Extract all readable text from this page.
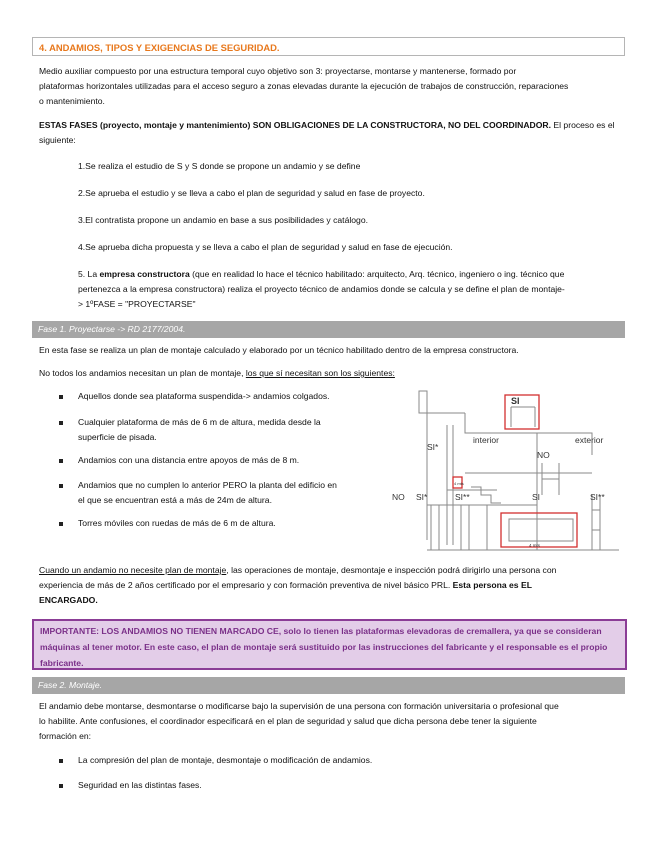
4. ANDAMIOS, TIPOS Y EXIGENCIAS DE SEGURIDAD.
Medio auxiliar compuesto por una estructura temporal cuyo objetivo son 3: proyectarse, montarse y mantenerse, formado por
plataformas horizontales utilizadas para el acceso seguro a zonas elevadas durante la ejecución de trabajos de construcción, reparaciones
o mantenimiento.
ESTAS FASES (proyecto, montaje y mantenimiento) SON OBLIGACIONES DE LA CONSTRUCTORA, NO DEL COORDINADOR. El proceso es el
siguiente:
1.Se realiza el estudio de S y S donde se propone un andamio y se define
2.Se aprueba el estudio y se lleva a cabo el plan de seguridad y salud en fase de proyecto.
3.El contratista propone un andamio en base a sus posibilidades y catálogo.
4.Se aprueba dicha propuesta y se lleva a cabo el plan de seguridad y salud en fase de ejecución.
5. La empresa constructora (que en realidad lo hace el técnico habilitado: arquitecto, Arq. técnico, ingeniero o ing. técnico que
pertenezca a la empresa constructora) realiza el proyecto técnico de andamios donde se calcula y se define el plan de montaje-
> 1ºFASE = "PROYECTARSE"
Fase 1. Proyectarse -> RD 2177/2004.
En esta fase se realiza un plan de montaje calculado y elaborado por un técnico habilitado dentro de la empresa constructora.
No todos los andamios necesitan un plan de montaje, los que sí necesitan son los siguientes:
Aquellos donde sea plataforma suspendida-> andamios colgados.
Cualquier plataforma de más de 6 m de altura, medida desde la
superficie de pisada.
Andamios con una distancia entre apoyos de más de 8 m.
Andamios que no cumplen lo anterior PERO la planta del edificio en
el que se encuentran está a más de 24m de altura.
Torres móviles con ruedas de más de 6 m de altura.
SI
interior	exterior
NO
SI*
NO SI*	SI**	SI	SI**
4 mts
4 mts
Cuando un andamio no necesite plan de montaje, las operaciones de montaje, desmontaje e inspección podrá dirigirlo una persona con
experiencia de más de 2 años certificado por el empresario y con formación preventiva de nivel básico PRL. Esta persona es EL
ENCARGADO.
IMPORTANTE: LOS ANDAMIOS NO TIENEN MARCADO CE, solo lo tienen las plataformas elevadoras de cremallera, ya que se consideran
máquinas al tener motor. En este caso, el plan de montaje será sustituido por las instrucciones del fabricante y el responsable es el propio
fabricante.
Fase 2. Montaje.
El andamio debe montarse, desmontarse o modificarse bajo la supervisión de una persona con formación universitaria o profesional que
lo habilite. Ante confusiones, el coordinador especificará en el plan de seguridad y salud que dicha persona debe tener la siguiente
formación en:
La compresión del plan de montaje, desmontaje o modificación de andamios.
Seguridad en las distintas fases.
